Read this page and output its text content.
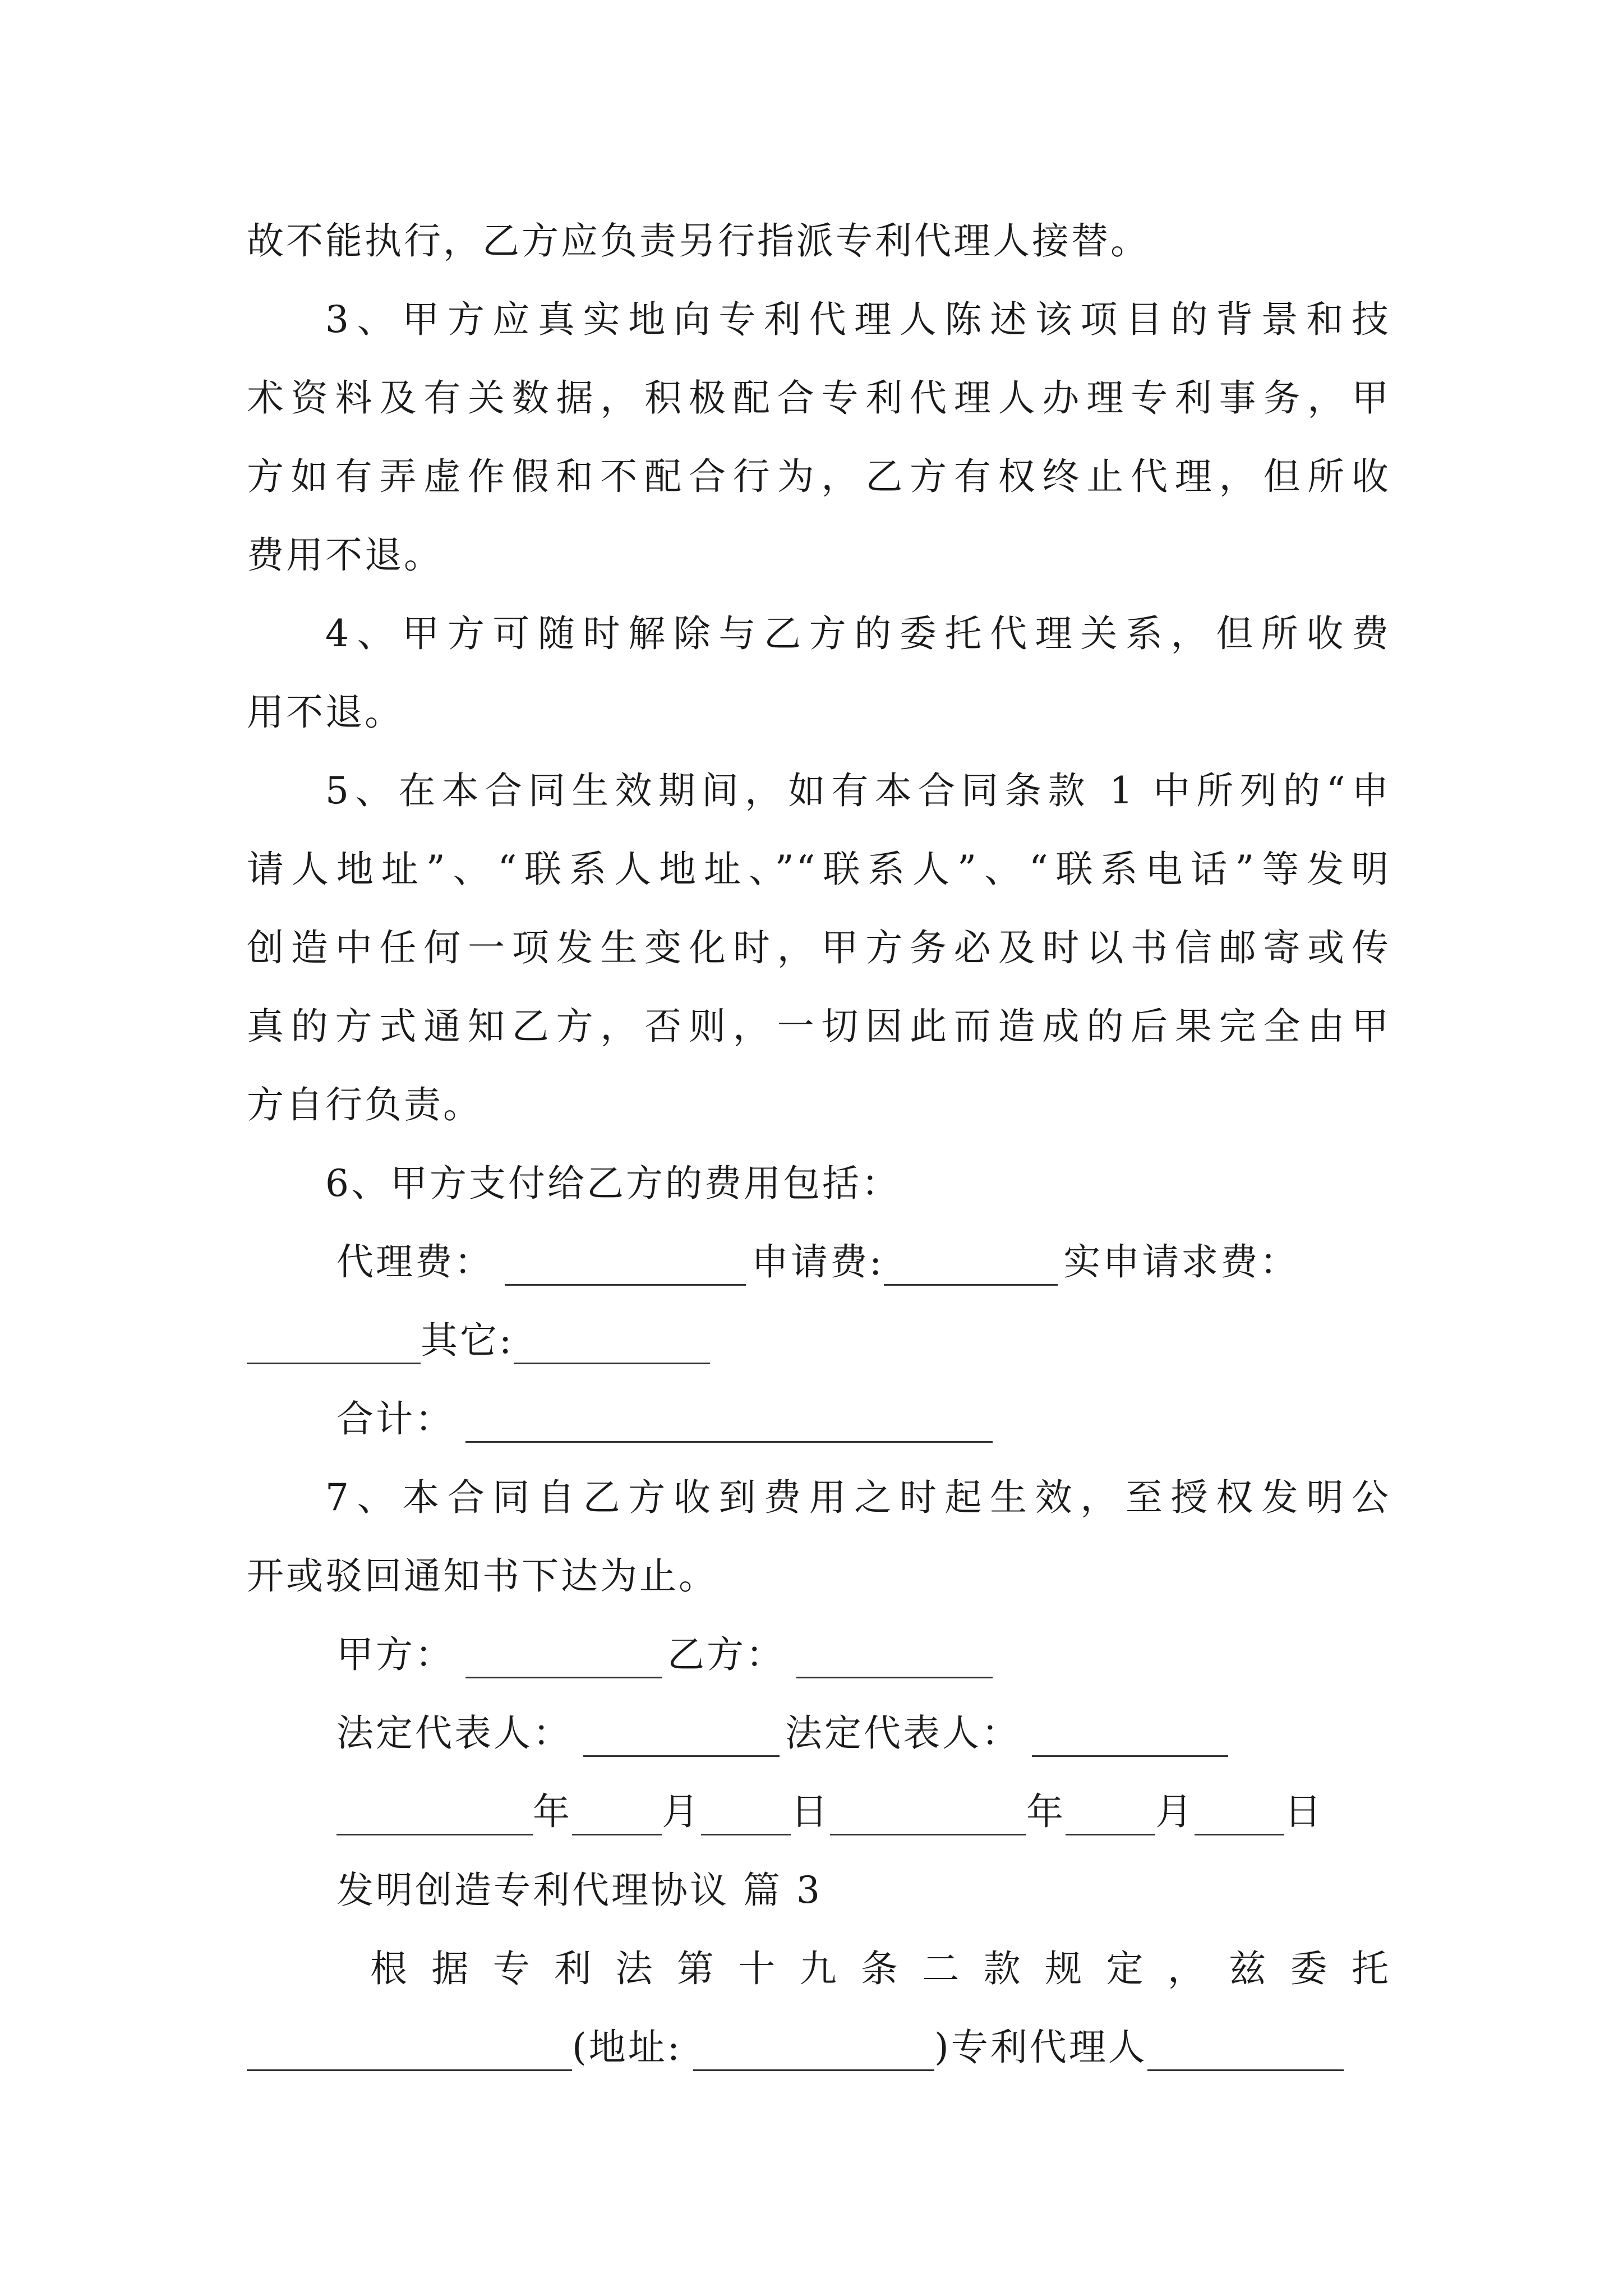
故不能执行，乙方应负责另行指派专利代理人接替。
3、甲方应真实地向专利代理人陈述该项目的背景和技
术资料及有关数据，积极配合专利代理人办理专利事务，甲
方如有弄虚作假和不配合行为，乙方有权终止代理，但所收
费用不退。
4、甲方可随时解除与乙方的委托代理关系，但所收费
用不退。
5、在本合同生效期间，如有本合同条款 1 中所列的“申
请人地址”、“联系人地址、”“联系人”、“联系电话”等发明
创造中任何一项发生变化时，甲方务必及时以书信邮寄或传
真的方式通知乙方，否则，一切因此而造成的后果完全由甲
方自行负责。
6、甲方支付给乙方的费用包括：
代理费：	申请费:	实申请求费：
其它:
合计：
7、本合同自乙方收到费用之时起生效，至授权发明公
开或驳回通知书下达为止。
甲方：	乙方：
法定代表人：	法定代表人：
年 月 日	年 月 日
发明创造专利代理协议 篇 3
根据专利法第十九条二款规定，兹委托
(地址:	)专利代理人
